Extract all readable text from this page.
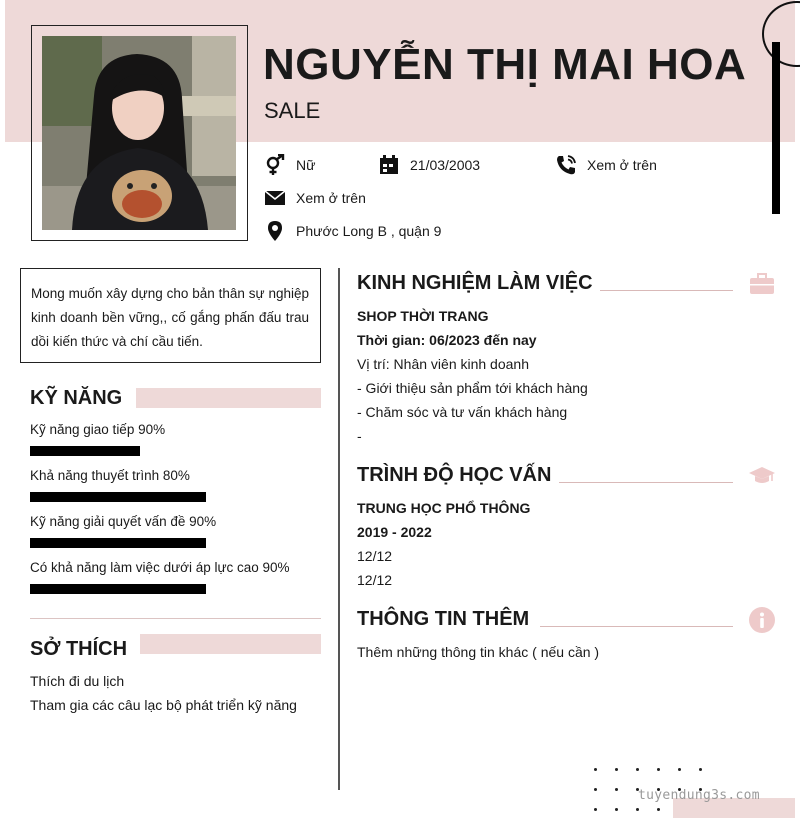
NGUYỄN THỊ MAI HOA
SALE
Nữ	21/03/2003	Xem ở trên
Xem ở trên
Phước Long B , quận 9
Mong muốn xây dựng cho bản thân sự nghiệp kinh doanh bền vững,, cố gắng phấn đấu trau dồi kiến thức và chí cầu tiến.
KỸ NĂNG
Kỹ năng giao tiếp 90%
Khả năng thuyết trình 80%
Kỹ năng giải quyết vấn đề 90%
Có khả năng làm việc dưới áp lực cao 90%
SỞ THÍCH
Thích đi du lịch
Tham gia các câu lạc bộ phát triển kỹ năng
KINH NGHIỆM LÀM VIỆC
SHOP THỜI TRANG
Thời gian: 06/2023 đến nay
Vị trí: Nhân viên kinh doanh
- Giới thiệu sản phẩm tới khách hàng
- Chăm sóc và tư vấn khách hàng
-
TRÌNH ĐỘ HỌC VẤN
TRUNG HỌC PHỔ THÔNG
2019 - 2022
12/12
12/12
THÔNG TIN THÊM
Thêm những thông tin khác ( nếu cần )
tuyendung3s.com
